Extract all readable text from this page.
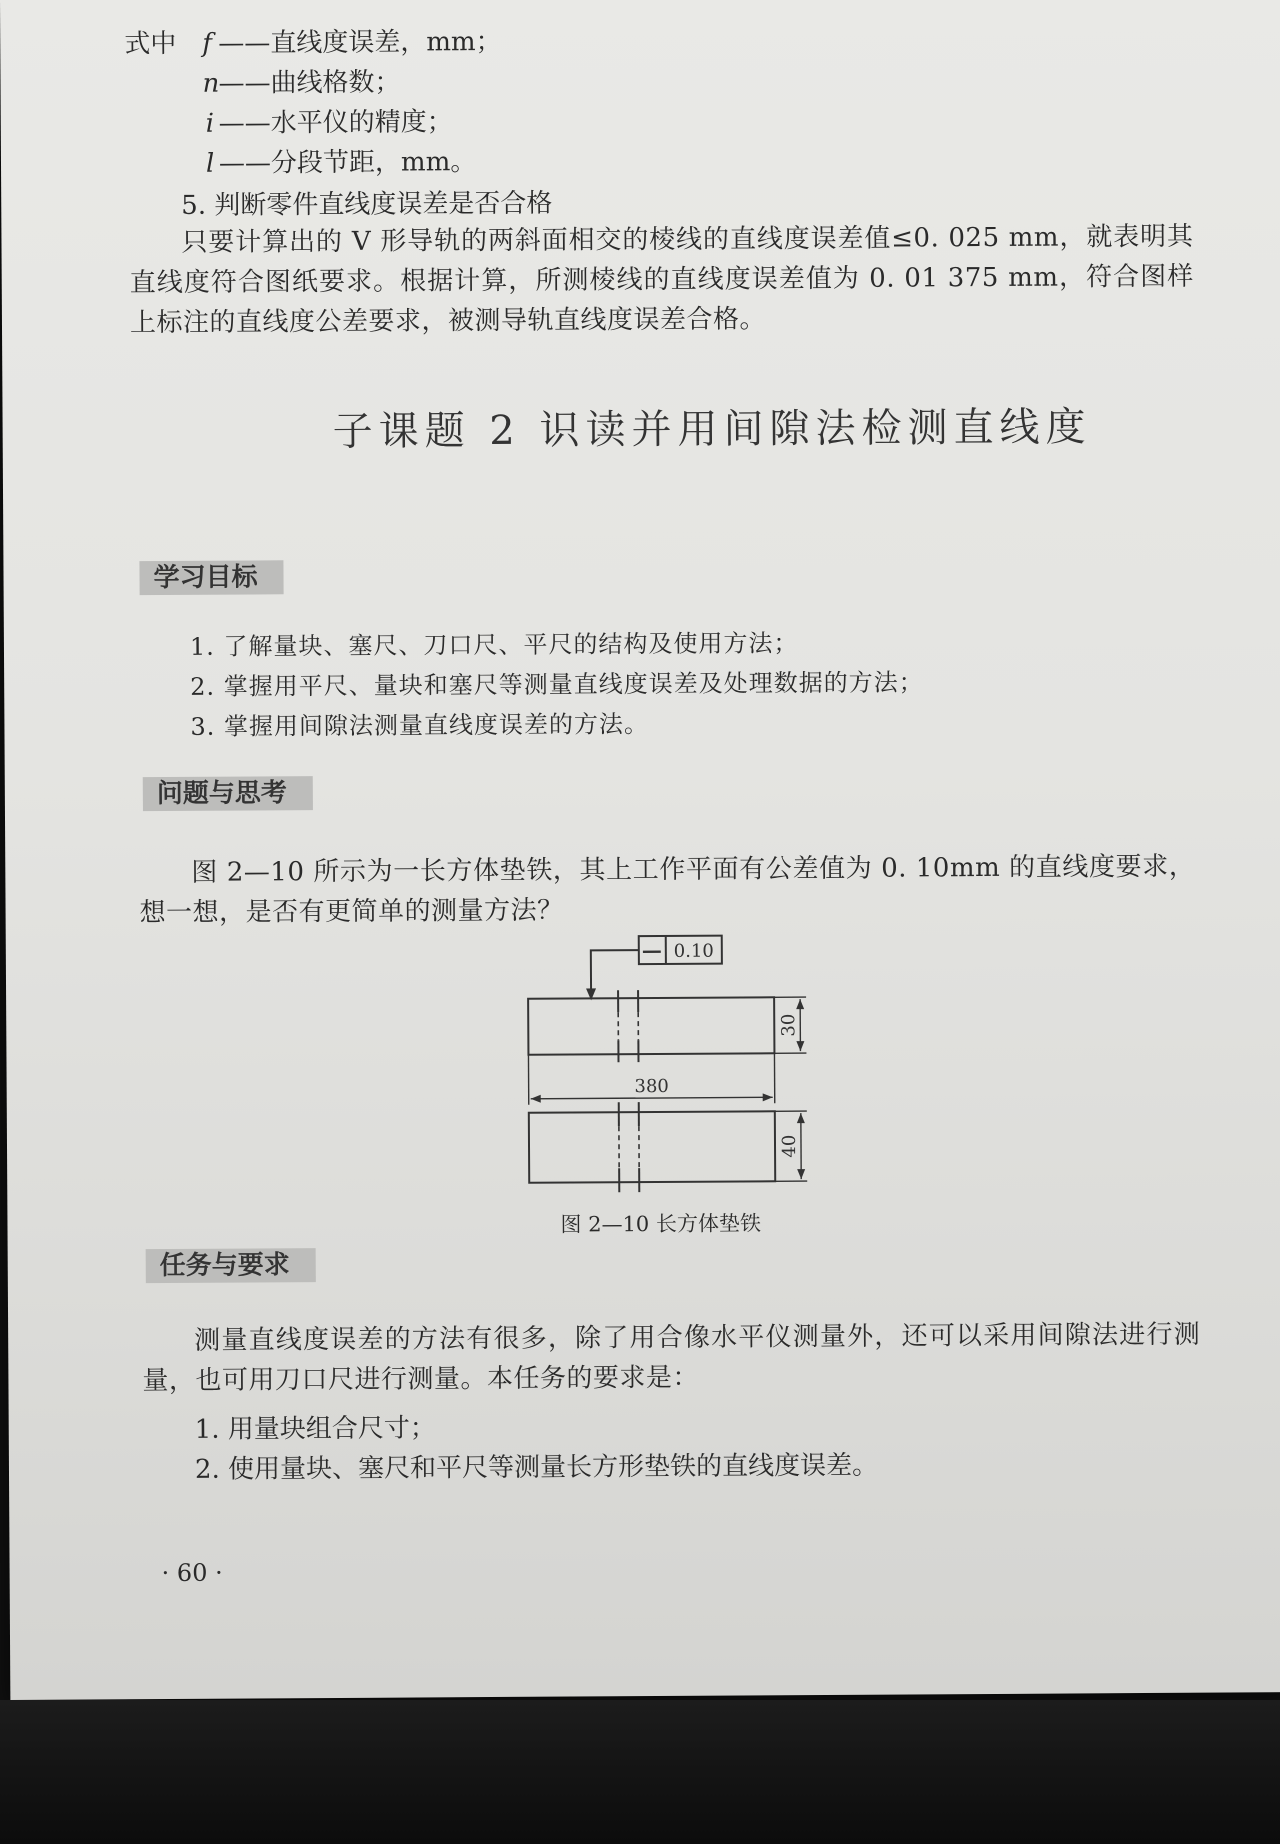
式中 f ——直线度误差，mm；
n ——曲线格数；
i ——水平仪的精度；
l ——分段节距，mm。
5. 判断零件直线度误差是否合格
只要计算出的 V 形导轨的两斜面相交的棱线的直线度误差值≤0. 025 mm，就表明其直线度符合图纸要求。根据计算，所测棱线的直线度误差值为 0. 01 375 mm，符合图样上标注的直线度公差要求，被测导轨直线度误差合格。
子课题 2 识读并用间隙法检测直线度
学习目标
1. 了解量块、塞尺、刀口尺、平尺的结构及使用方法；
2. 掌握用平尺、量块和塞尺等测量直线度误差及处理数据的方法；
3. 掌握用间隙法测量直线度误差的方法。
问题与思考
图 2—10 所示为一长方体垫铁，其上工作平面有公差值为 0. 10mm 的直线度要求，想一想，是否有更简单的测量方法？
— 0.10
380
30
40
图 2—10 长方体垫铁
任务与要求
测量直线度误差的方法有很多，除了用合像水平仪测量外，还可以采用间隙法进行测量，也可用刀口尺进行测量。本任务的要求是：
1. 用量块组合尺寸；
2. 使用量块、塞尺和平尺等测量长方形垫铁的直线度误差。
· 60 ·
